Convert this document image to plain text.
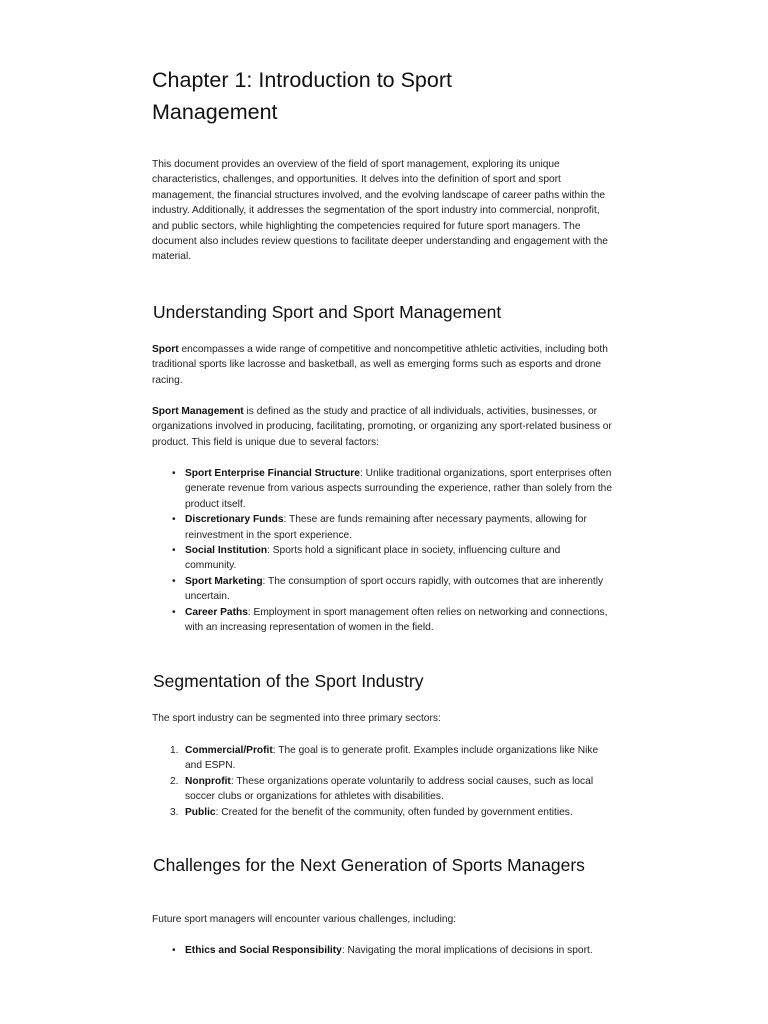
Chapter 1: Introduction to Sport Management

This document provides an overview of the field of sport management, exploring its unique characteristics, challenges, and opportunities. It delves into the definition of sport and sport management, the financial structures involved, and the evolving landscape of career paths within the industry. Additionally, it addresses the segmentation of the sport industry into commercial, nonprofit, and public sectors, while highlighting the competencies required for future sport managers. The document also includes review questions to facilitate deeper understanding and engagement with the material.

Understanding Sport and Sport Management

Sport encompasses a wide range of competitive and noncompetitive athletic activities, including both traditional sports like lacrosse and basketball, as well as emerging forms such as esports and drone racing.

Sport Management is defined as the study and practice of all individuals, activities, businesses, or organizations involved in producing, facilitating, promoting, or organizing any sport-related business or product. This field is unique due to several factors:

• Sport Enterprise Financial Structure: Unlike traditional organizations, sport enterprises often generate revenue from various aspects surrounding the experience, rather than solely from the product itself.
• Discretionary Funds: These are funds remaining after necessary payments, allowing for reinvestment in the sport experience.
• Social Institution: Sports hold a significant place in society, influencing culture and community.
• Sport Marketing: The consumption of sport occurs rapidly, with outcomes that are inherently uncertain.
• Career Paths: Employment in sport management often relies on networking and connections, with an increasing representation of women in the field.
Segmentation of the Sport Industry

The sport industry can be segmented into three primary sectors:

1. Commercial/Profit: The goal is to generate profit. Examples include organizations like Nike and ESPN.
2. Nonprofit: These organizations operate voluntarily to address social causes, such as local soccer clubs or organizations for athletes with disabilities.
3. Public: Created for the benefit of the community, often funded by government entities.
Challenges for the Next Generation of Sports Managers

Future sport managers will encounter various challenges, including:

• Ethics and Social Responsibility: Navigating the moral implications of decisions in sport.
